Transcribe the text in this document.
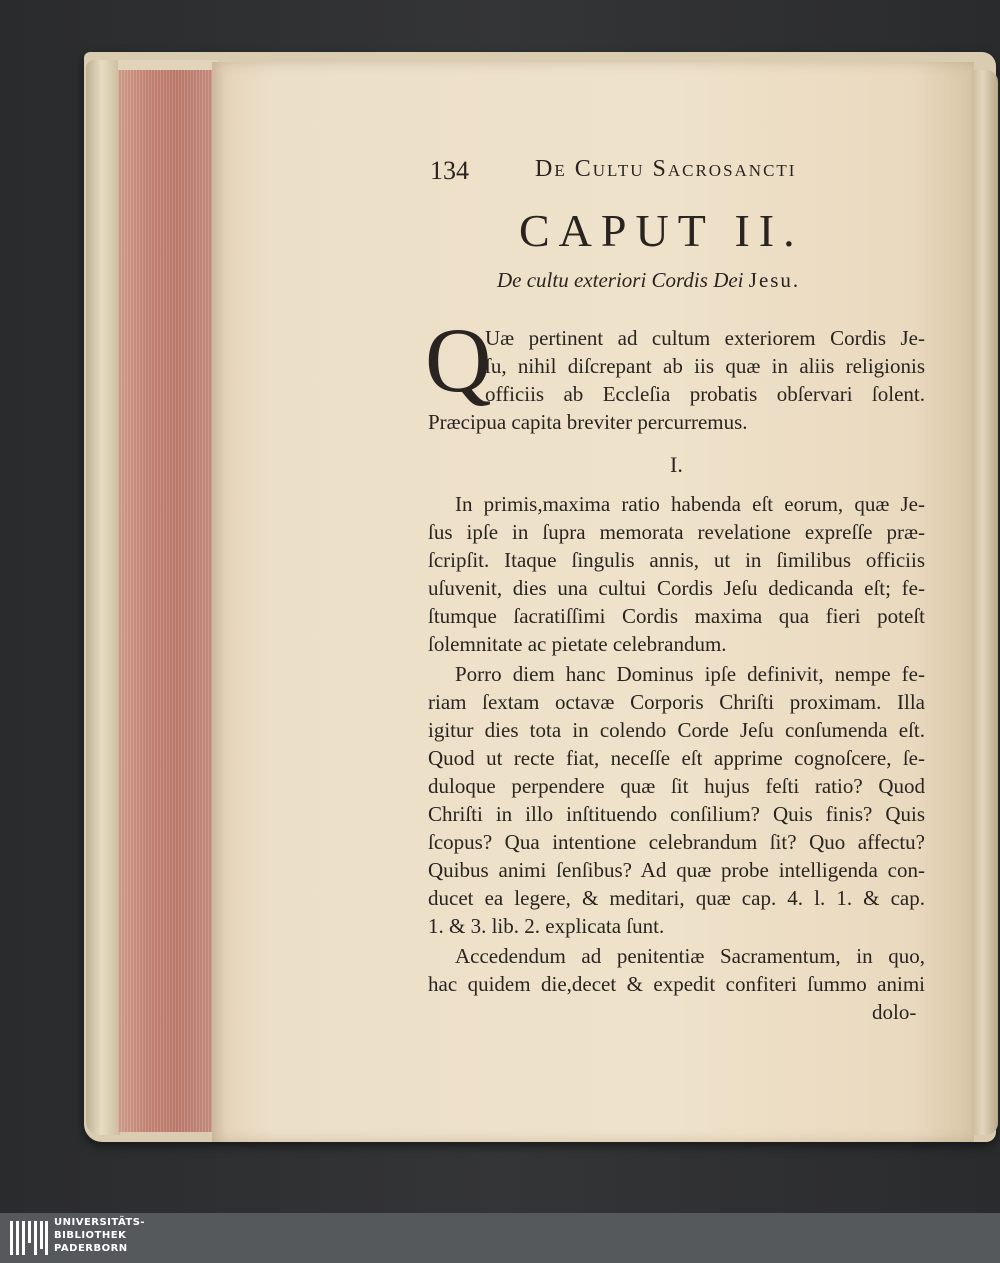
134	De Cultu Sacrosancti
CAPUT II.
De cultu exteriori Cordis Dei Jesu.
Q
Uæ pertinent ad cultum exteriorem Cordis Je-
ſu, nihil diſcrepant ab iis quæ in aliis religionis
officiis ab Eccleſia probatis obſervari ſolent.
Præcipua capita breviter percurremus.
I.
In primis,maxima ratio habenda eſt eorum, quæ Je-
ſus ipſe in ſupra memorata revelatione expreſſe præ-
ſcripſit. Itaque ſingulis annis, ut in ſimilibus officiis
uſuvenit, dies una cultui Cordis Jeſu dedicanda eſt; fe-
ſtumque ſacratiſſimi Cordis maxima qua fieri poteſt
ſolemnitate ac pietate celebrandum.
Porro diem hanc Dominus ipſe definivit, nempe fe-
riam ſextam octavæ Corporis Chriſti proximam. Illa
igitur dies tota in colendo Corde Jeſu conſumenda eſt.
Quod ut recte fiat, neceſſe eſt apprime cognoſcere, ſe-
duloque perpendere quæ ſit hujus feſti ratio? Quod
Chriſti in illo inſtituendo conſilium? Quis finis? Quis
ſcopus? Qua intentione celebrandum ſit? Quo affectu?
Quibus animi ſenſibus? Ad quæ probe intelligenda con-
ducet ea legere, & meditari, quæ cap. 4. l. 1. & cap.
1. & 3. lib. 2. explicata ſunt.
Accedendum ad penitentiæ Sacramentum, in quo,
hac quidem die,decet & expedit confiteri ſummo animi
dolo-
UNIVERSITÄTS-
BIBLIOTHEK
PADERBORN
